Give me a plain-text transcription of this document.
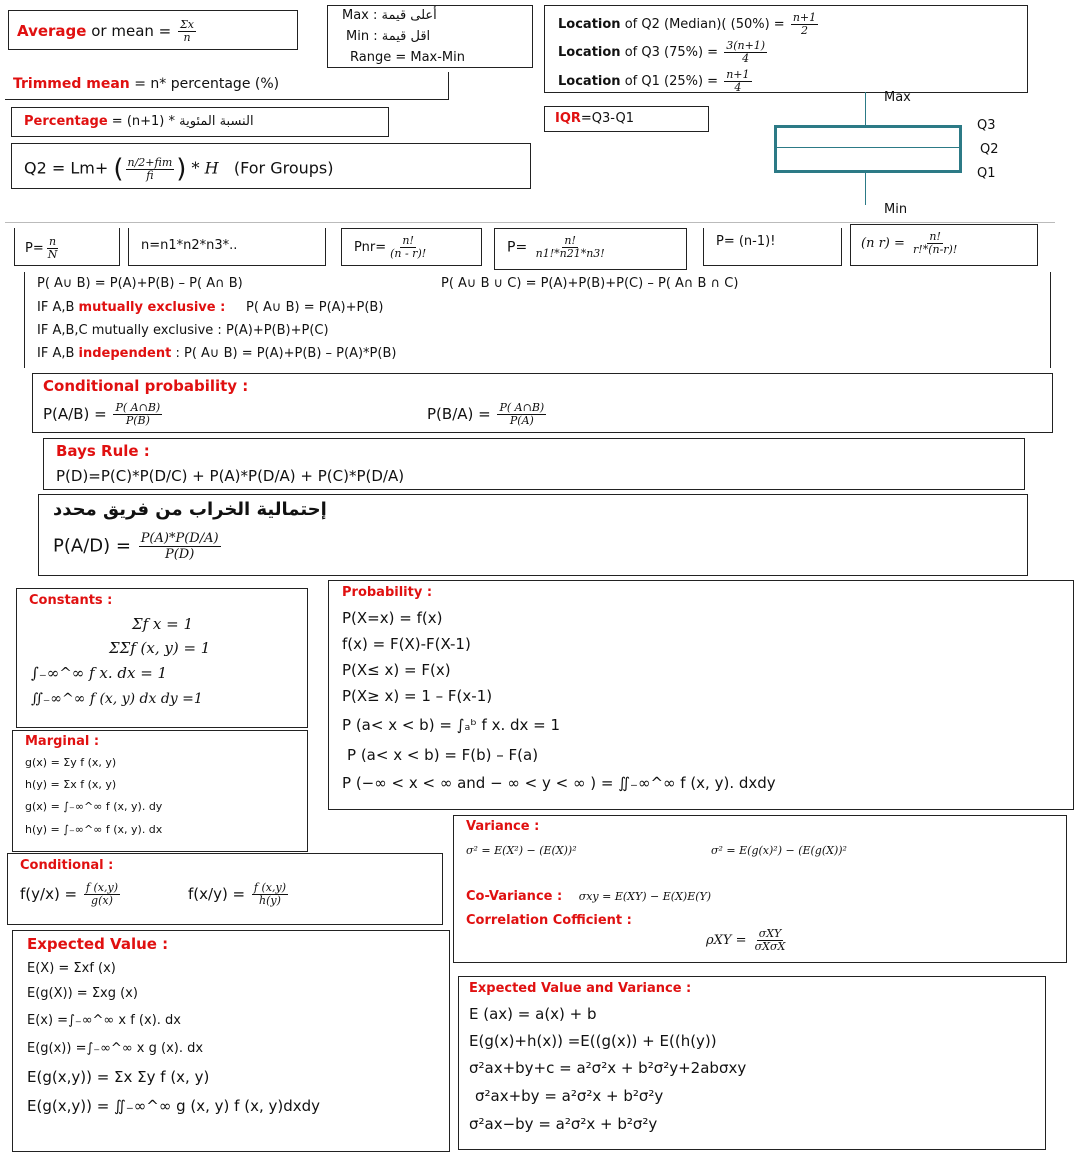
Average or mean = $\frac{\Sigma x}{n}$
Max : أعلى قيمة
Min : اقل قيمة
Range = Max-Min
Location of Q2 (Median)( $(50\%) = \frac{n+1}{2}$
Location of Q3 $(75\%) = \frac{3(n+1)}{4}$
Location of Q1 $(25\%) = \frac{n+1}{4}$
Trimmed mean = n* percentage (%)
Percentage = (n+1) * النسبة المئوية	IQR=Q3-Q1
Q2 = Lm+ ( $\frac{\text{n/2+fim}}{fi}$ ) * H (For Groups)
Max
Q3
Q2
Q1
Min
$P= \frac{n}{N}$	n=n1*n2*n3*..	$Pnr= \frac{n!}{(n - r)!}$	$P= \frac{n!}{n1!*n21*n3!}$	P= (n-1)!	(n $r) = \frac{n!}{r!*(n-r)!}$
P( A∪ B) = P(A)+P(B) – P( A∩ B)	P( A∪ B ∪ C) = P(A)+P(B)+P(C) – P( A∩ B ∩ C)
IF A,B mutually exclusive : P( A∪ B) = P(A)+P(B)
IF A,B,C mutually exclusive : P(A)+P(B)+P(C)
IF A,B independent : P( A∪ B) = P(A)+P(B) – P(A)*P(B)
Conditional probability :
$P(A/B) = \frac{P( A\cap B)}{P(B)}$	$P(B/A) = \frac{P( A\cap B)}{P(A)}$
Bays Rule :
P(D)=P(C)*P(D/C) + P(A)*P(D/A) + P(C)*P(D/A)
إحتمالية الخراب من فريق محدد
$P(A/D) = \frac{P(A)*P(D/A)}{P(D)}$
Constants :
Σf x = 1
ΣΣf (x, y) = 1
∫₋∞^∞ f x. dx = 1
∬₋∞^∞ f (x, y) dx dy =1
Marginal :
g(x) = Σy f (x, y)
h(y) = Σx f (x, y)
g(x) = ∫₋∞^∞ f (x, y). dy
h(y) = ∫₋∞^∞ f (x, y). dx
Probability :
P(X=x) = f(x)
f(x) = F(X)-F(X-1)
P(X≤ x) = F(x)
P(X≥ x) = 1 – F(x-1)
P (a< x < b) = ∫ₐᵇ f x. dx = 1
P (a< x < b) = F(b) – F(a)
P (−∞ < x < ∞ and − ∞ < y < ∞ ) = ∬₋∞^∞ f (x, y). dxdy
Conditional :
$f(y/x) = \frac{f (x,y)}{g(x)}$	$f(x/y) = \frac{f (x,y)}{h(y)}$
Variance :
σ² = E(X²) − (E(X))²	σ² = E(g(x)²) − (E(g(X))²
Co-Variance : σxy = E(XY) − E(X)E(Y)
Correlation Cofficient :
$\rho XY = \frac{\text{σXY}}{\text{σXσX}}$
Expected Value :
E(X) = Σxf (x)
E(g(X)) = Σxg (x)
E(x) =∫₋∞^∞ x f (x). dx
E(g(x)) =∫₋∞^∞ x g (x). dx
E(g(x,y)) = Σx Σy f (x, y)
E(g(x,y)) = ∬₋∞^∞ g (x, y) f (x, y)dxdy
Expected Value and Variance :
E (ax) = a(x) + b
E(g(x)+h(x)) =E((g(x)) + E((h(y))
σ²ax+by+c = a²σ²x + b²σ²y+2abσxy
σ²ax+by = a²σ²x + b²σ²y
σ²ax−by = a²σ²x + b²σ²y
